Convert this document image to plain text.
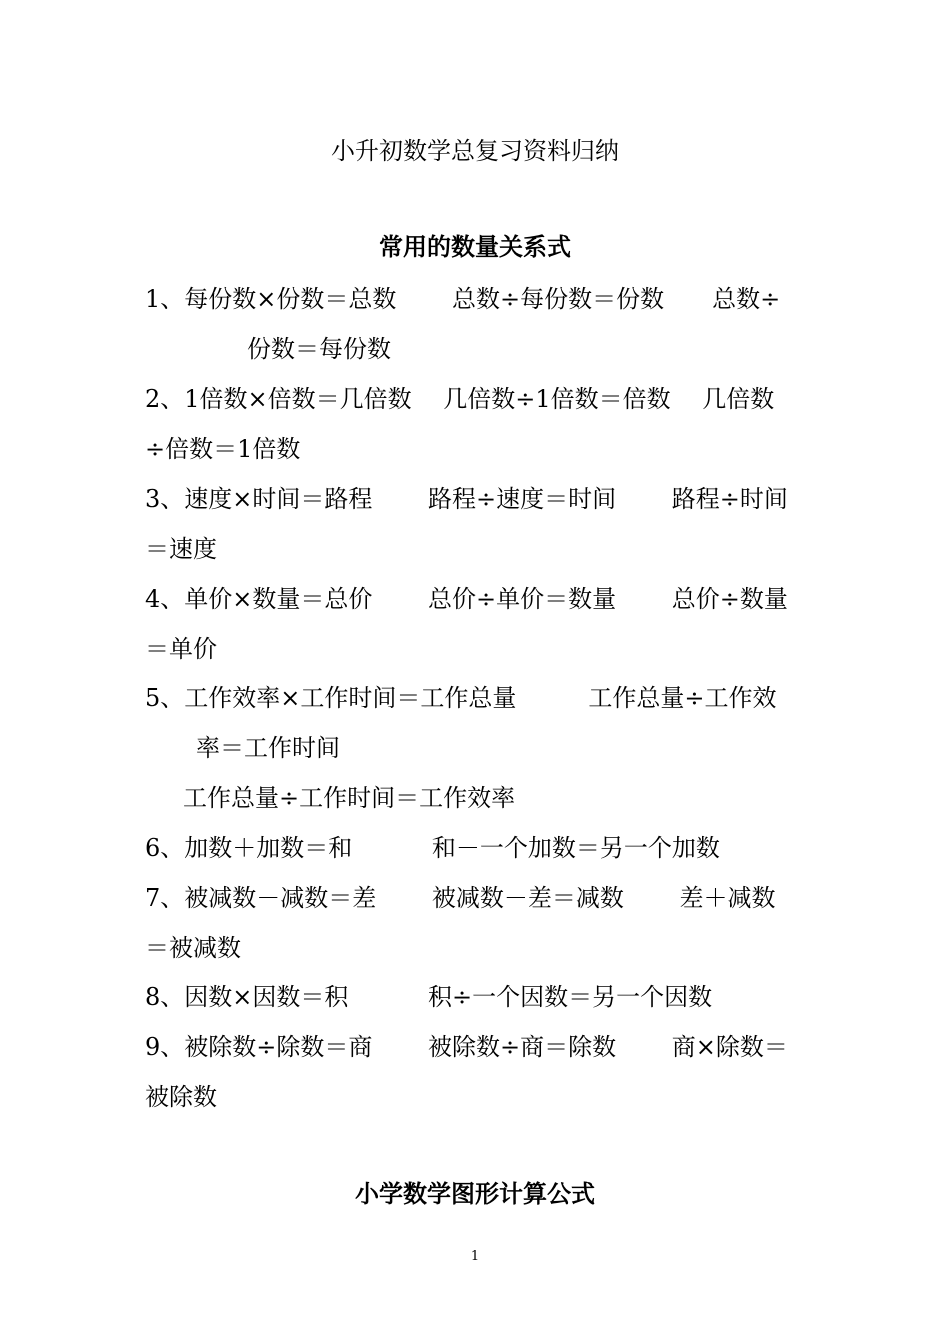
小升初数学总复习资料归纳
常用的数量关系式
1、每份数×份数＝总数　　 总数÷每份数＝份数　　总数÷
份数＝每份数
2、1倍数×倍数＝几倍数　 几倍数÷1倍数＝倍数　 几倍数
÷倍数＝1倍数
3、速度×时间＝路程　　 路程÷速度＝时间　　 路程÷时间
＝速度
4、单价×数量＝总价　　 总价÷单价＝数量　　 总价÷数量
＝单价
5、工作效率×工作时间＝工作总量　　　工作总量÷工作效
率＝工作时间
工作总量÷工作时间＝工作效率
6、加数＋加数＝和　　　 和－一个加数＝另一个加数
7、被减数－减数＝差　　 被减数－差＝减数　　 差＋减数
＝被减数
8、因数×因数＝积　　　 积÷一个因数＝另一个因数
9、被除数÷除数＝商　　 被除数÷商＝除数　　 商×除数＝
被除数
小学数学图形计算公式
1
